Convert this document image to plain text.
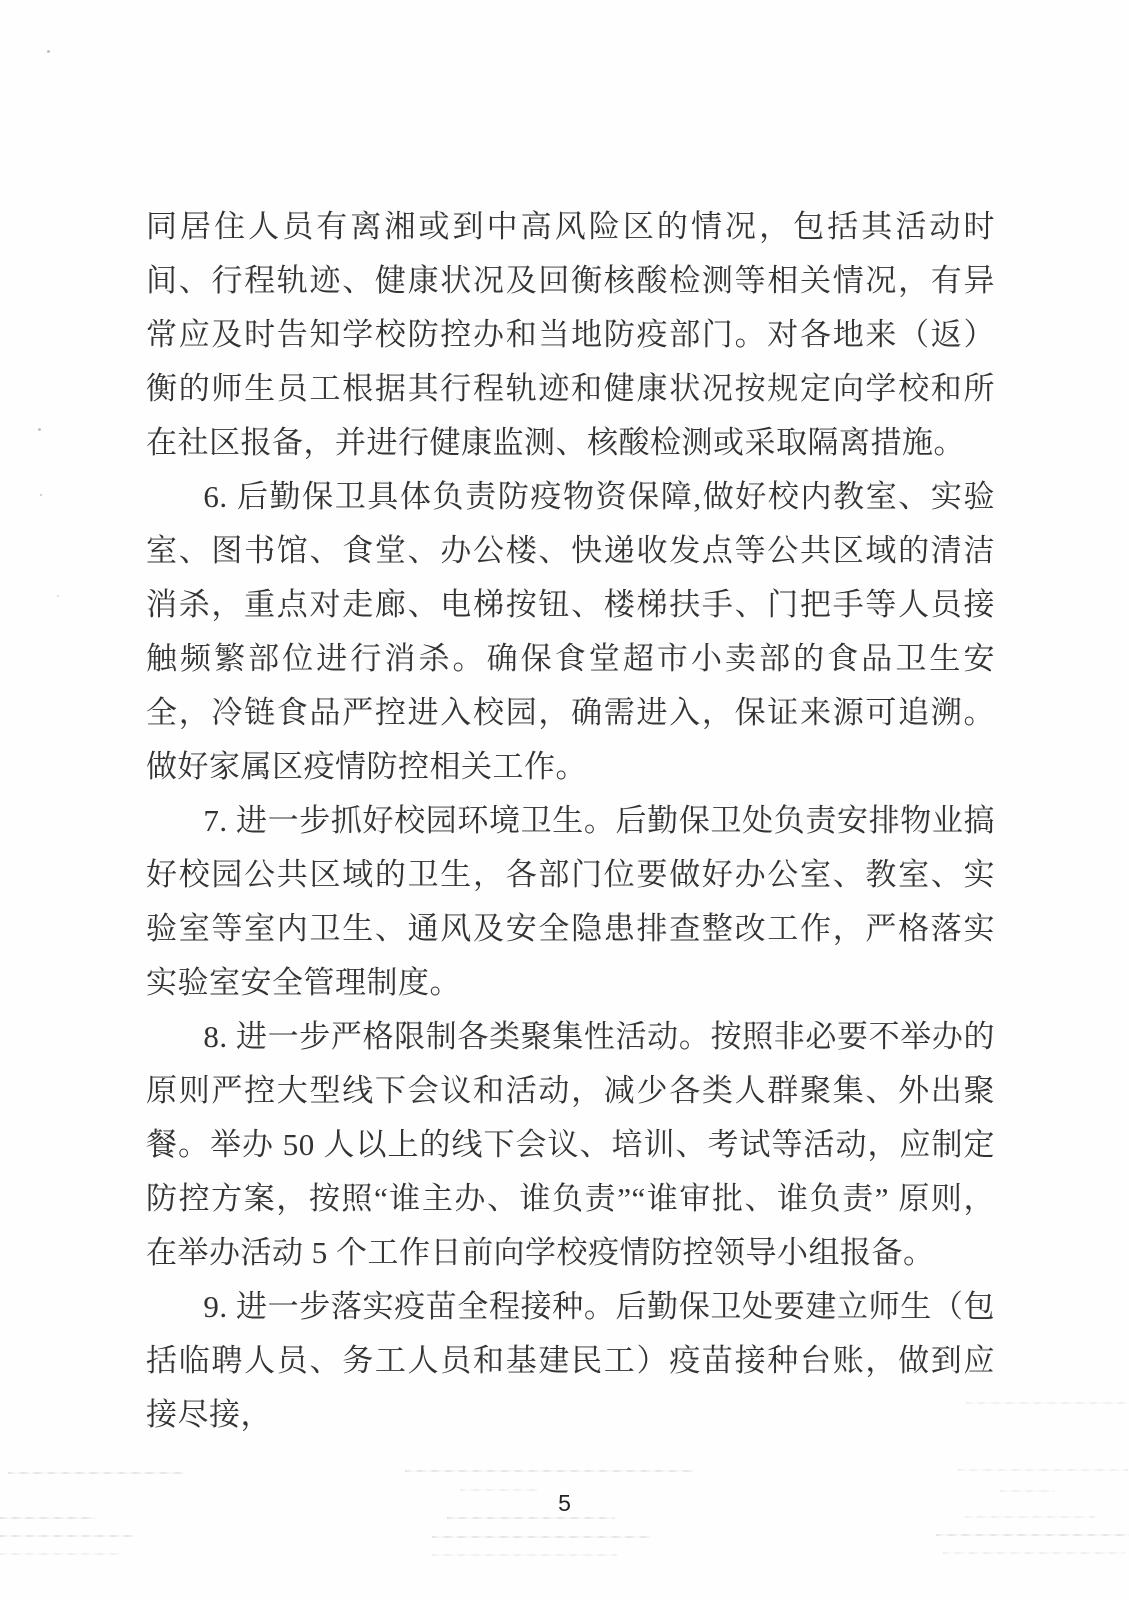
同居住人员有离湘或到中高风险区的情况，包括其活动时间、行程轨迹、健康状况及回衡核酸检测等相关情况，有异常应及时告知学校防控办和当地防疫部门。对各地来（返）衡的师生员工根据其行程轨迹和健康状况按规定向学校和所在社区报备，并进行健康监测、核酸检测或采取隔离措施。

6. 后勤保卫具体负责防疫物资保障,做好校内教室、实验室、图书馆、食堂、办公楼、快递收发点等公共区域的清洁消杀，重点对走廊、电梯按钮、楼梯扶手、门把手等人员接触频繁部位进行消杀。确保食堂超市小卖部的食品卫生安全，冷链食品严控进入校园，确需进入，保证来源可追溯。做好家属区疫情防控相关工作。

7. 进一步抓好校园环境卫生。后勤保卫处负责安排物业搞好校园公共区域的卫生，各部门位要做好办公室、教室、实验室等室内卫生、通风及安全隐患排查整改工作，严格落实实验室安全管理制度。

8. 进一步严格限制各类聚集性活动。按照非必要不举办的原则严控大型线下会议和活动，减少各类人群聚集、外出聚餐。举办 50 人以上的线下会议、培训、考试等活动，应制定防控方案，按照“谁主办、谁负责”“谁审批、谁负责” 原则，在举办活动 5 个工作日前向学校疫情防控领导小组报备。

9. 进一步落实疫苗全程接种。后勤保卫处要建立师生（包括临聘人员、务工人员和基建民工）疫苗接种台账，做到应接尽接，

5
